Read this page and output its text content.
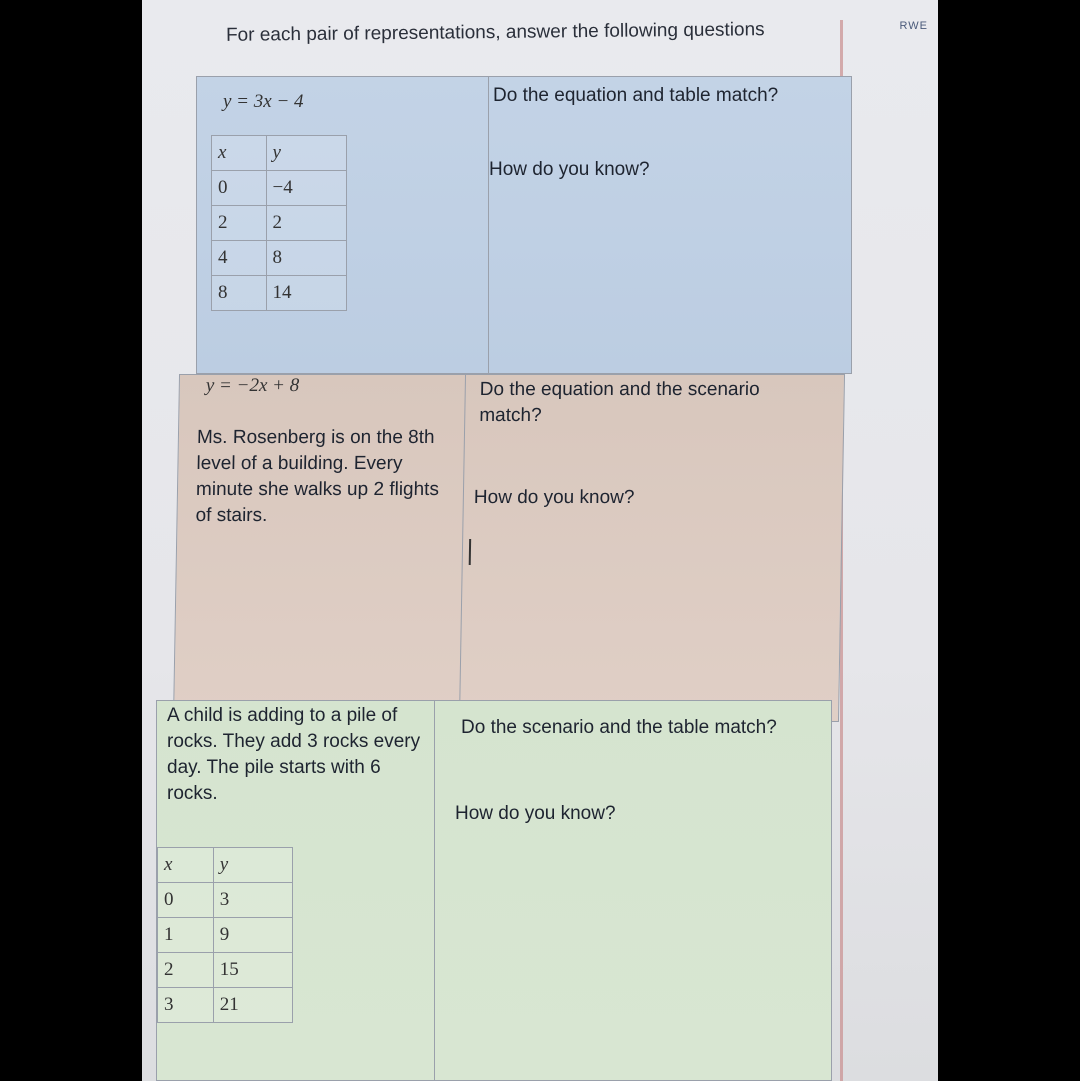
RWE
For each pair of representations, answer the following questions
y = 3x − 4
x	y
0	−4
2	2
4	8
8	14
Do the equation and table match?
How do you know?
y = −2x + 8
Ms. Rosenberg is on the 8th level of a building. Every minute she walks up 2 flights of stairs.
Do the equation and the scenario match?
How do you know?
A child is adding to a pile of rocks. They add 3 rocks every day. The pile starts with 6 rocks.
x	y
0	3
1	9
2	15
3	21
Do the scenario and the table match?
How do you know?
